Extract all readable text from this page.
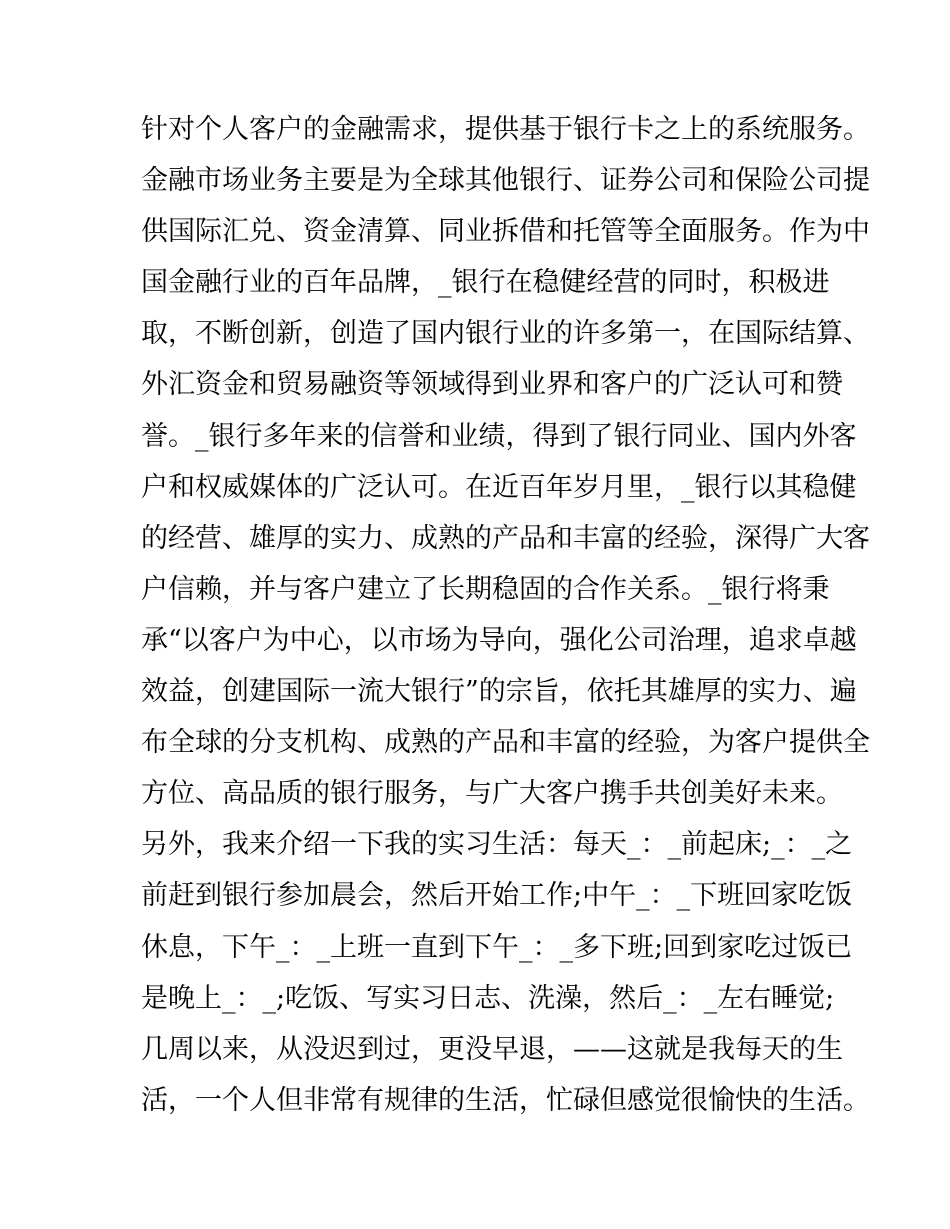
针对个人客户的金融需求，提供基于银行卡之上的系统服务。
金融市场业务主要是为全球其他银行、证券公司和保险公司提
供国际汇兑、资金清算、同业拆借和托管等全面服务。作为中
国金融行业的百年品牌，_银行在稳健经营的同时，积极进
取，不断创新，创造了国内银行业的许多第一，在国际结算、
外汇资金和贸易融资等领域得到业界和客户的广泛认可和赞
誉。_银行多年来的信誉和业绩，得到了银行同业、国内外客
户和权威媒体的广泛认可。在近百年岁月里，_银行以其稳健
的经营、雄厚的实力、成熟的产品和丰富的经验，深得广大客
户信赖，并与客户建立了长期稳固的合作关系。_银行将秉
承“以客户为中心，以市场为导向，强化公司治理，追求卓越
效益，创建国际一流大银行”的宗旨，依托其雄厚的实力、遍
布全球的分支机构、成熟的产品和丰富的经验，为客户提供全
方位、高品质的银行服务，与广大客户携手共创美好未来。
另外，我来介绍一下我的实习生活：每天_：_前起床;_：_之
前赶到银行参加晨会，然后开始工作;中午_：_下班回家吃饭
休息，下午_：_上班一直到下午_：_多下班;回到家吃过饭已
是晚上_：_;吃饭、写实习日志、洗澡，然后_：_左右睡觉;
几周以来，从没迟到过，更没早退，——这就是我每天的生
活，一个人但非常有规律的生活，忙碌但感觉很愉快的生活。
